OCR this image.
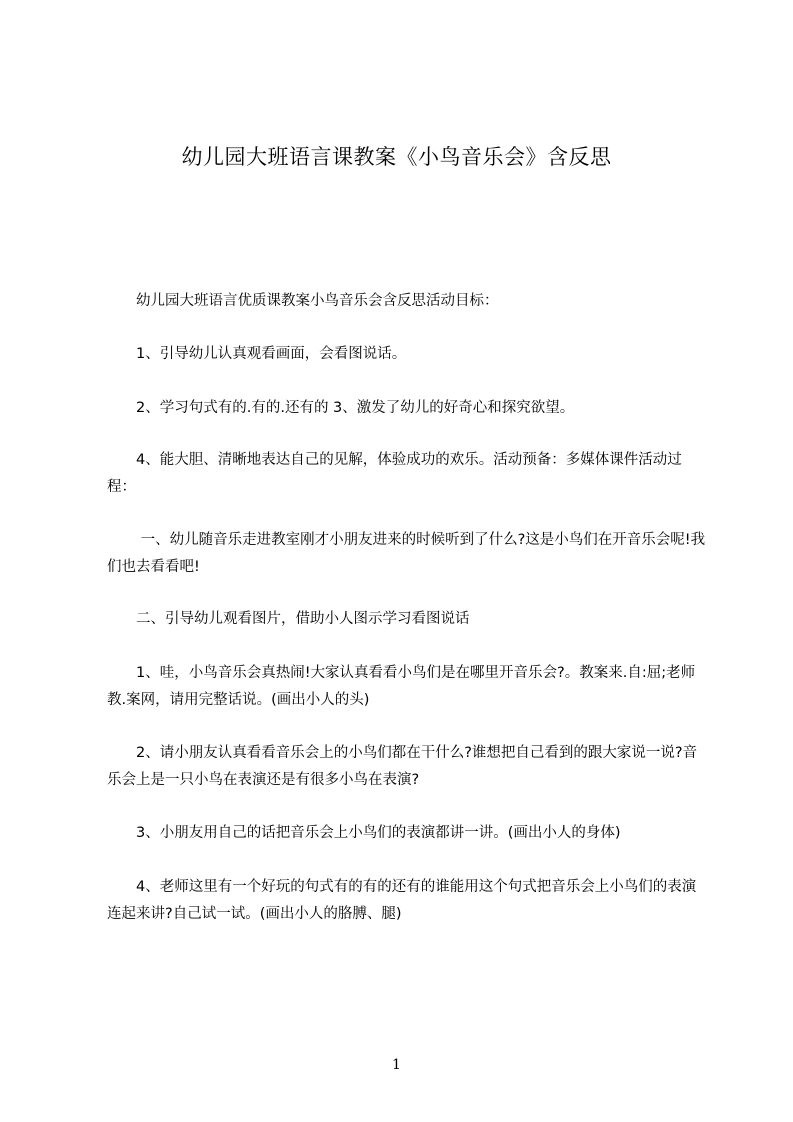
幼儿园大班语言课教案《小鸟音乐会》含反思

　　幼儿园大班语言优质课教案小鸟音乐会含反思活动目标：

　　1、引导幼儿认真观看画面，会看图说话。

　　2、学习句式有的.有的.还有的 3、激发了幼儿的好奇心和探究欲望。

　　4、能大胆、清晰地表达自己的见解，体验成功的欢乐。活动预备：多媒体课件活动过程：

　　 一、幼儿随音乐走进教室刚才小朋友进来的时候听到了什么?这是小鸟们在开音乐会呢!我们也去看看吧!

　　二、引导幼儿观看图片，借助小人图示学习看图说话

　　1、哇，小鸟音乐会真热闹!大家认真看看小鸟们是在哪里开音乐会?。教案来.自:屈;老师教.案网，请用完整话说。(画出小人的头)

　　2、请小朋友认真看看音乐会上的小鸟们都在干什么?谁想把自己看到的跟大家说一说?音乐会上是一只小鸟在表演还是有很多小鸟在表演?

　　3、小朋友用自己的话把音乐会上小鸟们的表演都讲一讲。(画出小人的身体)

　　4、老师这里有一个好玩的句式有的有的还有的谁能用这个句式把音乐会上小鸟们的表演连起来讲?自己试一试。(画出小人的胳膊、腿)

1
